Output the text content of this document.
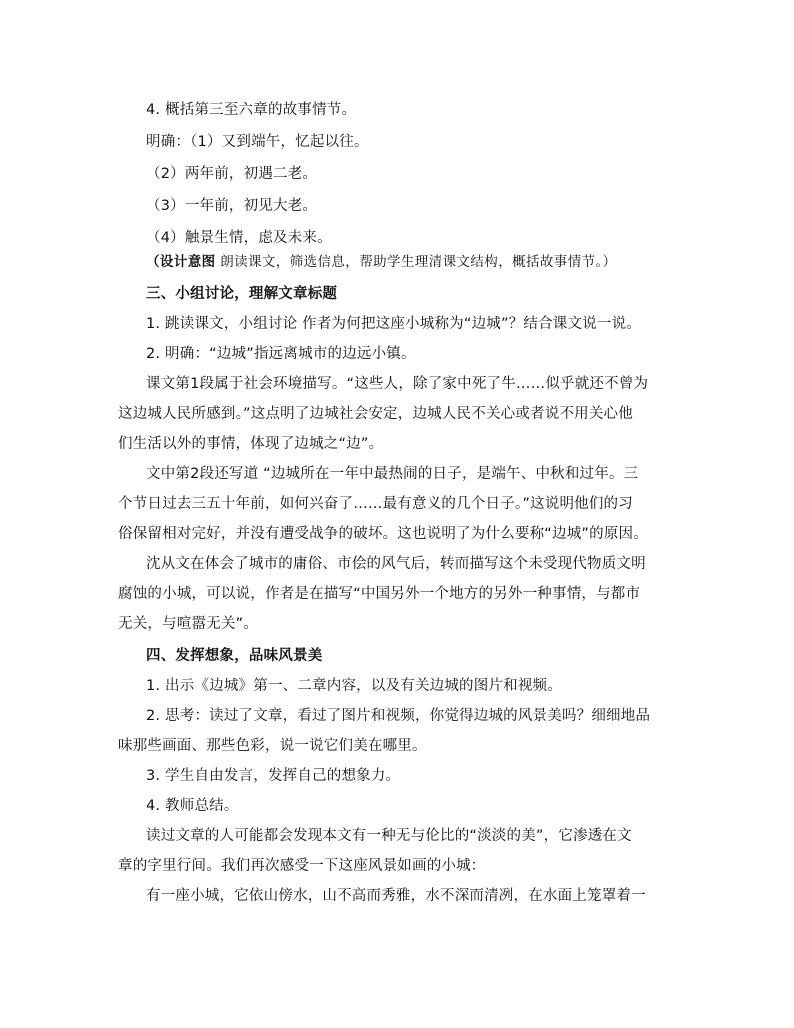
4. 概括第三至六章的故事情节。
明确：（1）又到端午，忆起以往。
（2）两年前，初遇二老。
（3）一年前，初见大老。
（4）触景生情，虑及未来。
（设计意图 朗读课文，筛选信息，帮助学生理清课文结构，概括故事情节。）
三、小组讨论，理解文章标题
1. 跳读课文，小组讨论 作者为何把这座小城称为“边城”？结合课文说一说。
2. 明确：“边城”指远离城市的边远小镇。
课文第1段属于社会环境描写。“这些人，除了家中死了牛……似乎就还不曾为
这边城人民所感到。”这点明了边城社会安定，边城人民不关心或者说不用关心他
们生活以外的事情，体现了边城之“边”。
文中第2段还写道 “边城所在一年中最热闹的日子，是端午、中秋和过年。三
个节日过去三五十年前，如何兴奋了……最有意义的几个日子。”这说明他们的习
俗保留相对完好，并没有遭受战争的破坏。这也说明了为什么要称“边城”的原因。
沈从文在体会了城市的庸俗、市侩的风气后，转而描写这个未受现代物质文明
腐蚀的小城，可以说，作者是在描写“中国另外一个地方的另外一种事情，与都市
无关，与喧嚣无关”。
四、发挥想象，品味风景美
1. 出示《边城》第一、二章内容，以及有关边城的图片和视频。
2. 思考：读过了文章，看过了图片和视频，你觉得边城的风景美吗？细细地品
味那些画面、那些色彩，说一说它们美在哪里。
3. 学生自由发言，发挥自己的想象力。
4. 教师总结。
读过文章的人可能都会发现本文有一种无与伦比的“淡淡的美”，它渗透在文
章的字里行间。我们再次感受一下这座风景如画的小城：
有一座小城，它依山傍水，山不高而秀雅，水不深而清冽，在水面上笼罩着一
